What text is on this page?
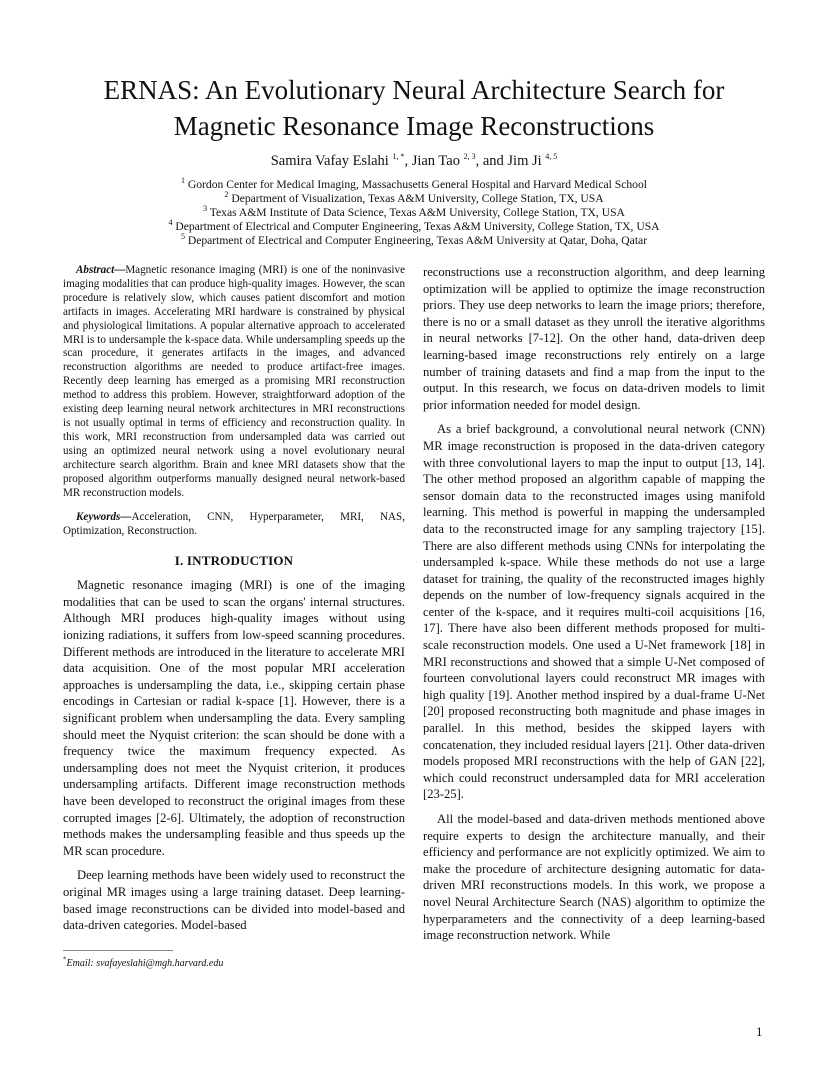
ERNAS: An Evolutionary Neural Architecture Search for
Magnetic Resonance Image Reconstructions
Samira Vafay Eslahi $^{1, *}$, Jian Tao $^{2, 3}$, and Jim Ji $^{4, 5}$
$^1$ Gordon Center for Medical Imaging, Massachusetts General Hospital and Harvard Medical School
$^2$ Department of Visualization, Texas A&M University, College Station, TX, USA
$^3$ Texas A&M Institute of Data Science, Texas A&M University, College Station, TX, USA
$^4$ Department of Electrical and Computer Engineering, Texas A&M University, College Station, TX, USA
$^5$ Department of Electrical and Computer Engineering, Texas A&M University at Qatar, Doha, Qatar

Abstract—Magnetic resonance imaging (MRI) is one of the noninvasive imaging modalities that can produce high-quality images. However, the scan procedure is relatively slow, which causes patient discomfort and motion artifacts in images. Accelerating MRI hardware is constrained by physical and physiological limitations. A popular alternative approach to accelerated MRI is to undersample the k-space data. While undersampling speeds up the scan procedure, it generates artifacts in the images, and advanced reconstruction algorithms are needed to produce artifact-free images. Recently deep learning has emerged as a promising MRI reconstruction method to address this problem. However, straightforward adoption of the existing deep learning neural network architectures in MRI reconstructions is not usually optimal in terms of efficiency and reconstruction quality. In this work, MRI reconstruction from undersampled data was carried out using an optimized neural network using a novel evolutionary neural architecture search algorithm. Brain and knee MRI datasets show that the proposed algorithm outperforms manually designed neural network-based MR reconstruction models.

Keywords—Acceleration, CNN, Hyperparameter, MRI, NAS, Optimization, Reconstruction.

I. INTRODUCTION

Magnetic resonance imaging (MRI) is one of the imaging modalities that can be used to scan the organs' internal structures. Although MRI produces high-quality images without using ionizing radiations, it suffers from low-speed scanning procedures. Different methods are introduced in the literature to accelerate MRI data acquisition. One of the most popular MRI acceleration approaches is undersampling the data, i.e., skipping certain phase encodings in Cartesian or radial k-space [1]. However, there is a significant problem when undersampling the data. Every sampling should meet the Nyquist criterion: the scan should be done with a frequency twice the maximum frequency expected. As undersampling does not meet the Nyquist criterion, it produces undersampling artifacts. Different image reconstruction methods have been developed to reconstruct the original images from these corrupted images [2-6]. Ultimately, the adoption of reconstruction methods makes the undersampling feasible and thus speeds up the MR scan procedure.

Deep learning methods have been widely used to reconstruct the original MR images using a large training dataset. Deep learning-based image reconstructions can be divided into model-based and data-driven categories. Model-based

reconstructions use a reconstruction algorithm, and deep learning optimization will be applied to optimize the image reconstruction priors. They use deep networks to learn the image priors; therefore, there is no or a small dataset as they unroll the iterative algorithms in neural networks [7-12]. On the other hand, data-driven deep learning-based image reconstructions rely entirely on a large number of training datasets and find a map from the input to the output. In this research, we focus on data-driven models to limit prior information needed for model design.

As a brief background, a convolutional neural network (CNN) MR image reconstruction is proposed in the data-driven category with three convolutional layers to map the input to output [13, 14]. The other method proposed an algorithm capable of mapping the sensor domain data to the reconstructed images using manifold learning. This method is powerful in mapping the undersampled data to the reconstructed image for any sampling trajectory [15]. There are also different methods using CNNs for interpolating the undersampled k-space. While these methods do not use a large dataset for training, the quality of the reconstructed images highly depends on the number of low-frequency signals acquired in the center of the k-space, and it requires multi-coil acquisitions [16, 17]. There have also been different methods proposed for multi-scale reconstruction models. One used a U-Net framework [18] in MRI reconstructions and showed that a simple U-Net composed of fourteen convolutional layers could reconstruct MR images with high quality [19]. Another method inspired by a dual-frame U-Net [20] proposed reconstructing both magnitude and phase images in parallel. In this method, besides the skipped layers with concatenation, they included residual layers [21]. Other data-driven models proposed MRI reconstructions with the help of GAN [22], which could reconstruct undersampled data for MRI acceleration [23-25].

All the model-based and data-driven methods mentioned above require experts to design the architecture manually, and their efficiency and performance are not explicitly optimized. We aim to make the procedure of architecture designing automatic for data-driven MRI reconstructions models. In this work, we propose a novel Neural Architecture Search (NAS) algorithm to optimize the hyperparameters and the connectivity of a deep learning-based image reconstruction network. While

*Email: svafayeslahi@mgh.harvard.edu
1
